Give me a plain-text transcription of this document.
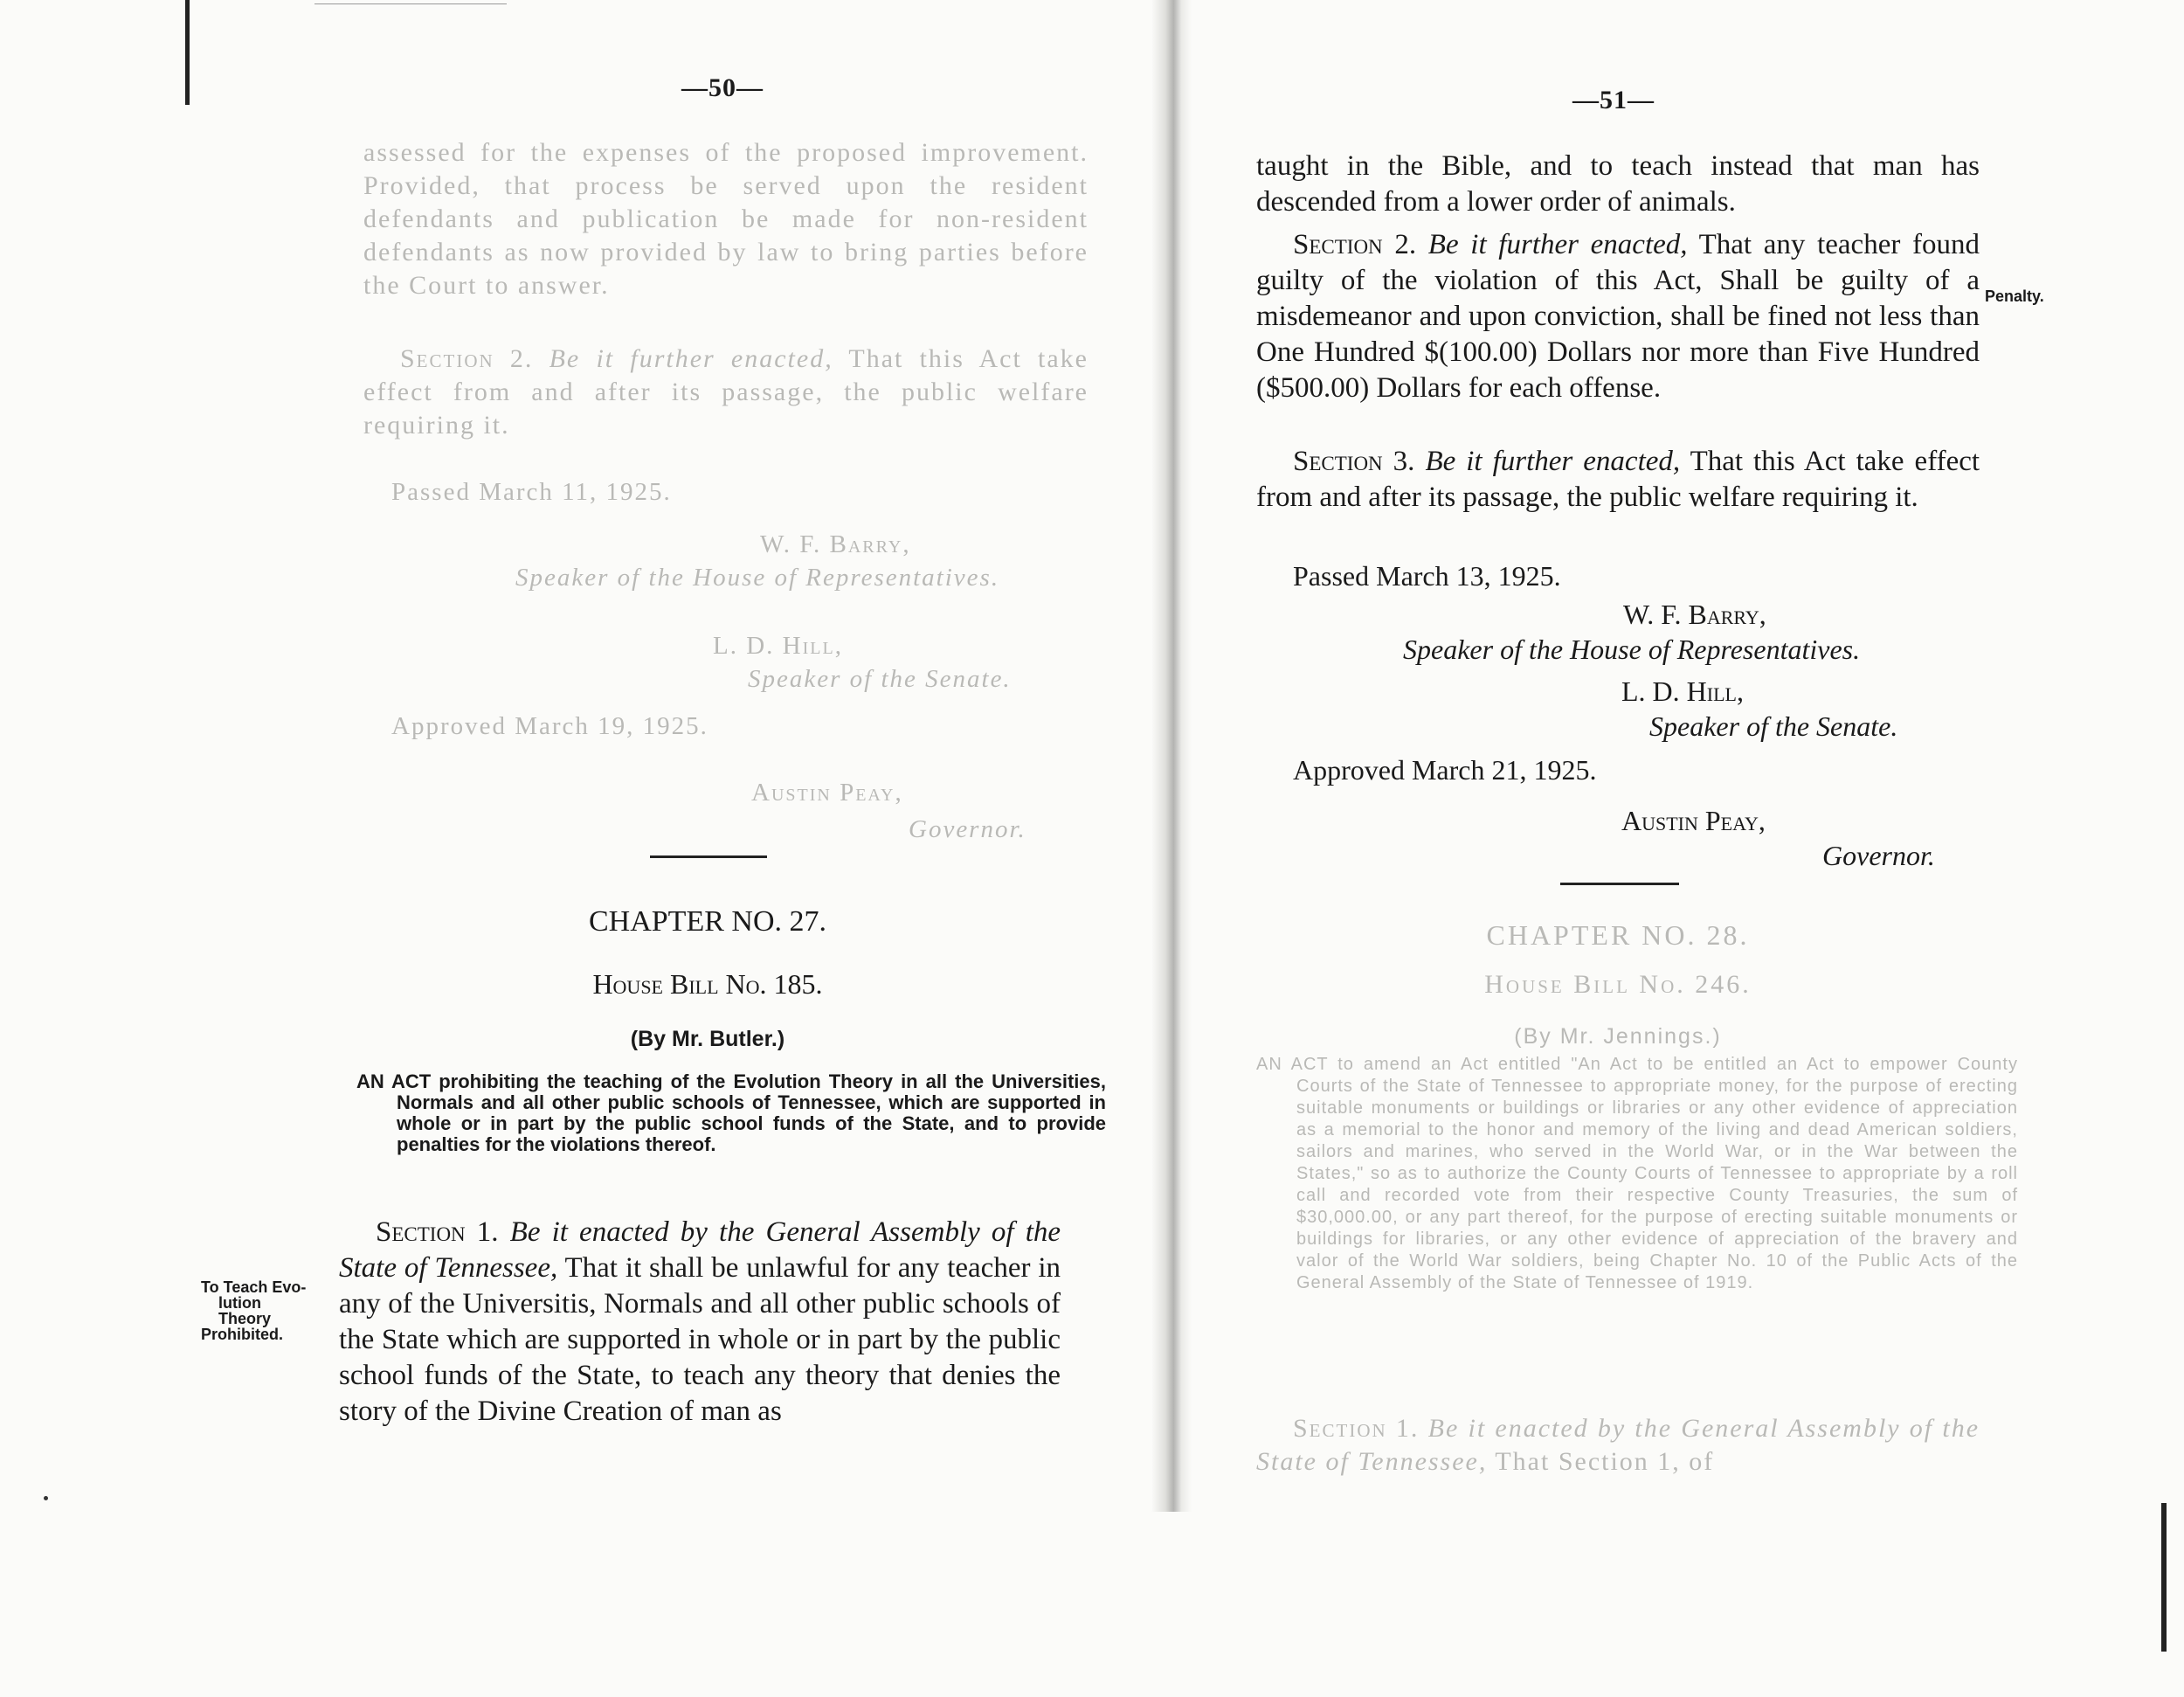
—50—

assessed for the expenses of the proposed improvement. Provided, that process be served upon the resident defendants and publication be made for non-resident defendants as now provided by law to bring parties before the Court to answer.

Section 2. Be it further enacted, That this Act take effect from and after its passage, the public welfare requiring it.

Passed March 11, 1925.
W. F. Barry,
Speaker of the House of Representatives.
L. D. Hill,
Speaker of the Senate.
Approved March 19, 1925.
Austin Peay,
Governor.
CHAPTER NO. 27.
House Bill No. 185.
(By Mr. Butler.)

AN ACT prohibiting the teaching of the Evolution Theory in all the Universities, Normals and all other public schools of Tennessee, which are supported in whole or in part by the public school funds of the State, and to provide penalties for the violations thereof.

To Teach Evo-
lution
Theory
Prohibited.

Section 1. Be it enacted by the General Assembly of the State of Tennessee, That it shall be unlawful for any teacher in any of the Universitis, Normals and all other public schools of the State which are supported in whole or in part by the public school funds of the State, to teach any theory that denies the story of the Divine Creation of man as

—51—

taught in the Bible, and to teach instead that man has descended from a lower order of animals.

Section 2. Be it further enacted, That any teacher found guilty of the violation of this Act, Shall be guilty of a misdemeanor and upon conviction, shall be fined not less than One Hundred $(100.00) Dollars nor more than Five Hundred ($500.00) Dollars for each offense.

Penalty.

Section 3. Be it further enacted, That this Act take effect from and after its passage, the public welfare requiring it.

Passed March 13, 1925.
W. F. Barry,
Speaker of the House of Representatives.
L. D. Hill,
Speaker of the Senate.
Approved March 21, 1925.
Austin Peay,
Governor.
CHAPTER NO. 28.
House Bill No. 246.
(By Mr. Jennings.)

AN ACT to amend an Act entitled "An Act to be entitled an Act to empower County Courts of the State of Tennessee to appropriate money, for the purpose of erecting suitable monuments or buildings or libraries or any other evidence of appreciation as a memorial to the honor and memory of the living and dead American soldiers, sailors and marines, who served in the World War, or in the War between the States," so as to authorize the County Courts of Tennessee to appropriate by a roll call and recorded vote from their respective County Treasuries, the sum of $30,000.00, or any part thereof, for the purpose of erecting suitable monuments or buildings for libraries, or any other evidence of appreciation of the bravery and valor of the World War soldiers, being Chapter No. 10 of the Public Acts of the General Assembly of the State of Tennessee of 1919.

Section 1. Be it enacted by the General Assembly of the State of Tennessee, That Section 1, of
